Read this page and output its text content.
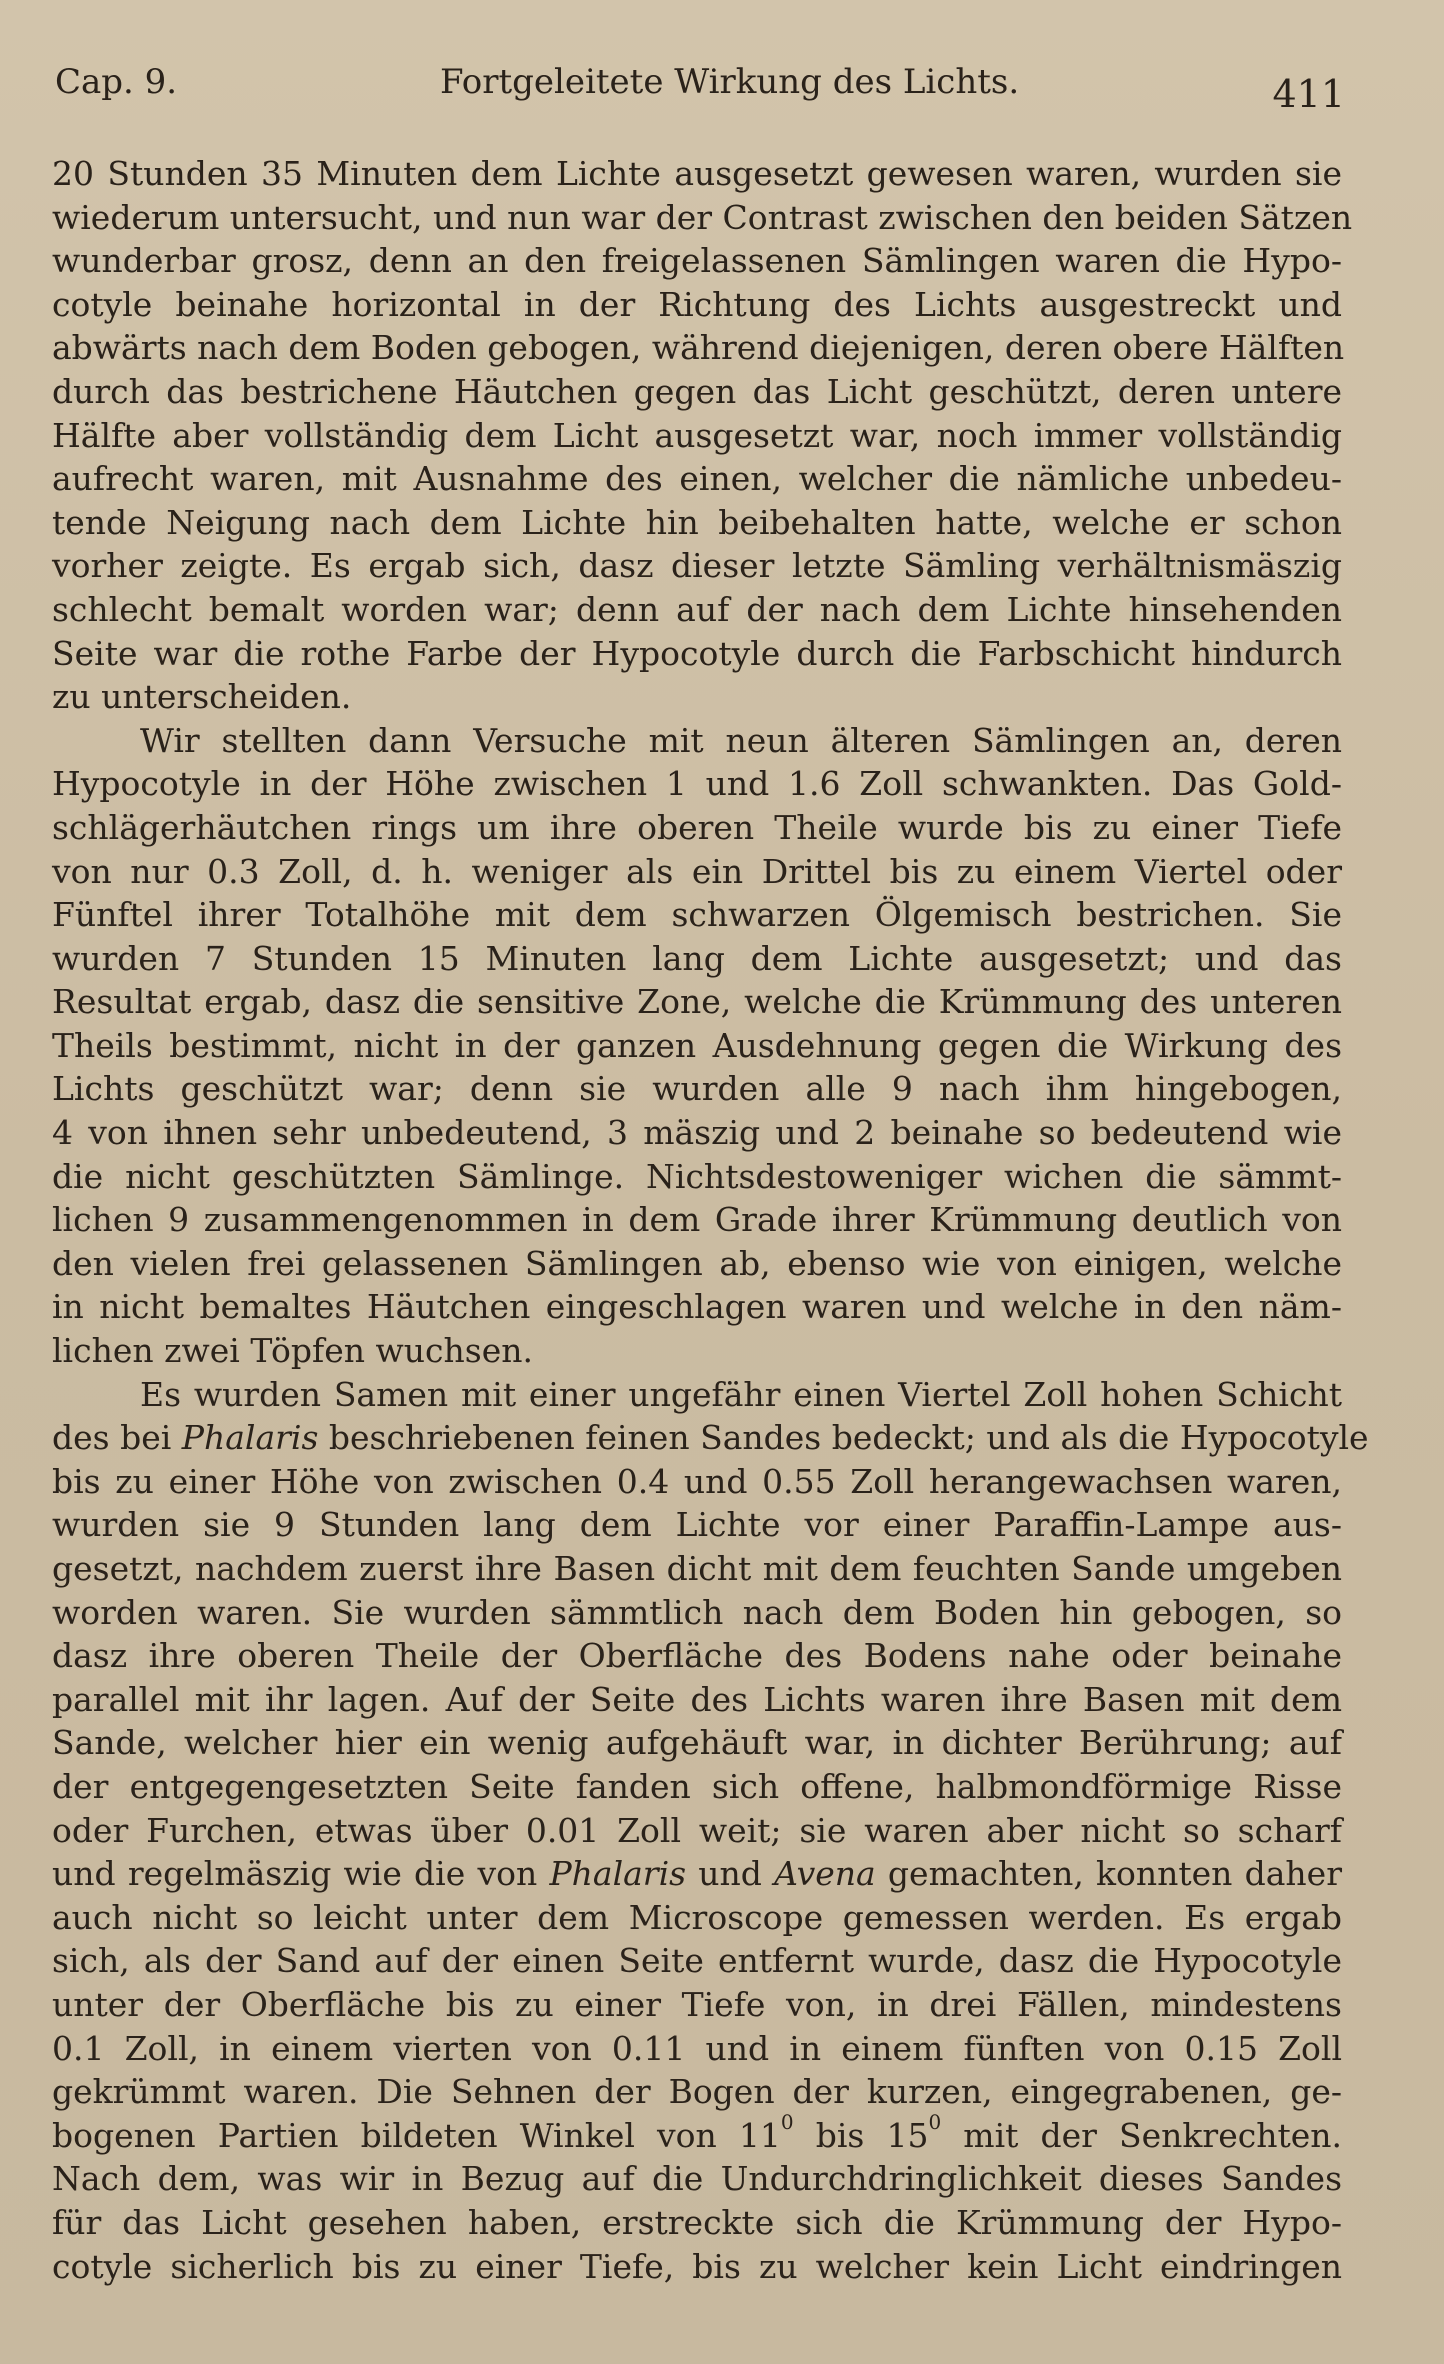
Cap. 9.	Fortgeleitete Wirkung des Lichts.	411
20 Stunden 35 Minuten dem Lichte ausgesetzt gewesen waren, wurden sie
wiederum untersucht, und nun war der Contrast zwischen den beiden Sätzen
wunderbar grosz, denn an den freigelassenen Sämlingen waren die Hypo-
cotyle beinahe horizontal in der Richtung des Lichts ausgestreckt und
abwärts nach dem Boden gebogen, während diejenigen, deren obere Hälften
durch das bestrichene Häutchen gegen das Licht geschützt, deren untere
Hälfte aber vollständig dem Licht ausgesetzt war, noch immer vollständig
aufrecht waren, mit Ausnahme des einen, welcher die nämliche unbedeu-
tende Neigung nach dem Lichte hin beibehalten hatte, welche er schon
vorher zeigte. Es ergab sich, dasz dieser letzte Sämling verhältnismäszig
schlecht bemalt worden war; denn auf der nach dem Lichte hinsehenden
Seite war die rothe Farbe der Hypocotyle durch die Farbschicht hindurch
zu unterscheiden.
Wir stellten dann Versuche mit neun älteren Sämlingen an, deren
Hypocotyle in der Höhe zwischen 1 und 1.6 Zoll schwankten. Das Gold-
schlägerhäutchen rings um ihre oberen Theile wurde bis zu einer Tiefe
von nur 0.3 Zoll, d. h. weniger als ein Drittel bis zu einem Viertel oder
Fünftel ihrer Totalhöhe mit dem schwarzen Ölgemisch bestrichen. Sie
wurden 7 Stunden 15 Minuten lang dem Lichte ausgesetzt; und das
Resultat ergab, dasz die sensitive Zone, welche die Krümmung des unteren
Theils bestimmt, nicht in der ganzen Ausdehnung gegen die Wirkung des
Lichts geschützt war; denn sie wurden alle 9 nach ihm hingebogen,
4 von ihnen sehr unbedeutend, 3 mäszig und 2 beinahe so bedeutend wie
die nicht geschützten Sämlinge. Nichtsdestoweniger wichen die sämmt-
lichen 9 zusammengenommen in dem Grade ihrer Krümmung deutlich von
den vielen frei gelassenen Sämlingen ab, ebenso wie von einigen, welche
in nicht bemaltes Häutchen eingeschlagen waren und welche in den näm-
lichen zwei Töpfen wuchsen.
Es wurden Samen mit einer ungefähr einen Viertel Zoll hohen Schicht
des bei Phalaris beschriebenen feinen Sandes bedeckt; und als die Hypocotyle
bis zu einer Höhe von zwischen 0.4 und 0.55 Zoll herangewachsen waren,
wurden sie 9 Stunden lang dem Lichte vor einer Paraffin-Lampe aus-
gesetzt, nachdem zuerst ihre Basen dicht mit dem feuchten Sande umgeben
worden waren. Sie wurden sämmtlich nach dem Boden hin gebogen, so
dasz ihre oberen Theile der Oberfläche des Bodens nahe oder beinahe
parallel mit ihr lagen. Auf der Seite des Lichts waren ihre Basen mit dem
Sande, welcher hier ein wenig aufgehäuft war, in dichter Berührung; auf
der entgegengesetzten Seite fanden sich offene, halbmondförmige Risse
oder Furchen, etwas über 0.01 Zoll weit; sie waren aber nicht so scharf
und regelmäszig wie die von Phalaris und Avena gemachten, konnten daher
auch nicht so leicht unter dem Microscope gemessen werden. Es ergab
sich, als der Sand auf der einen Seite entfernt wurde, dasz die Hypocotyle
unter der Oberfläche bis zu einer Tiefe von, in drei Fällen, mindestens
0.1 Zoll, in einem vierten von 0.11 und in einem fünften von 0.15 Zoll
gekrümmt waren. Die Sehnen der Bogen der kurzen, eingegrabenen, ge-
bogenen Partien bildeten Winkel von $11^0$ bis $15^0$ mit der Senkrechten.
Nach dem, was wir in Bezug auf die Undurchdringlichkeit dieses Sandes
für das Licht gesehen haben, erstreckte sich die Krümmung der Hypo-
cotyle sicherlich bis zu einer Tiefe, bis zu welcher kein Licht eindringen
